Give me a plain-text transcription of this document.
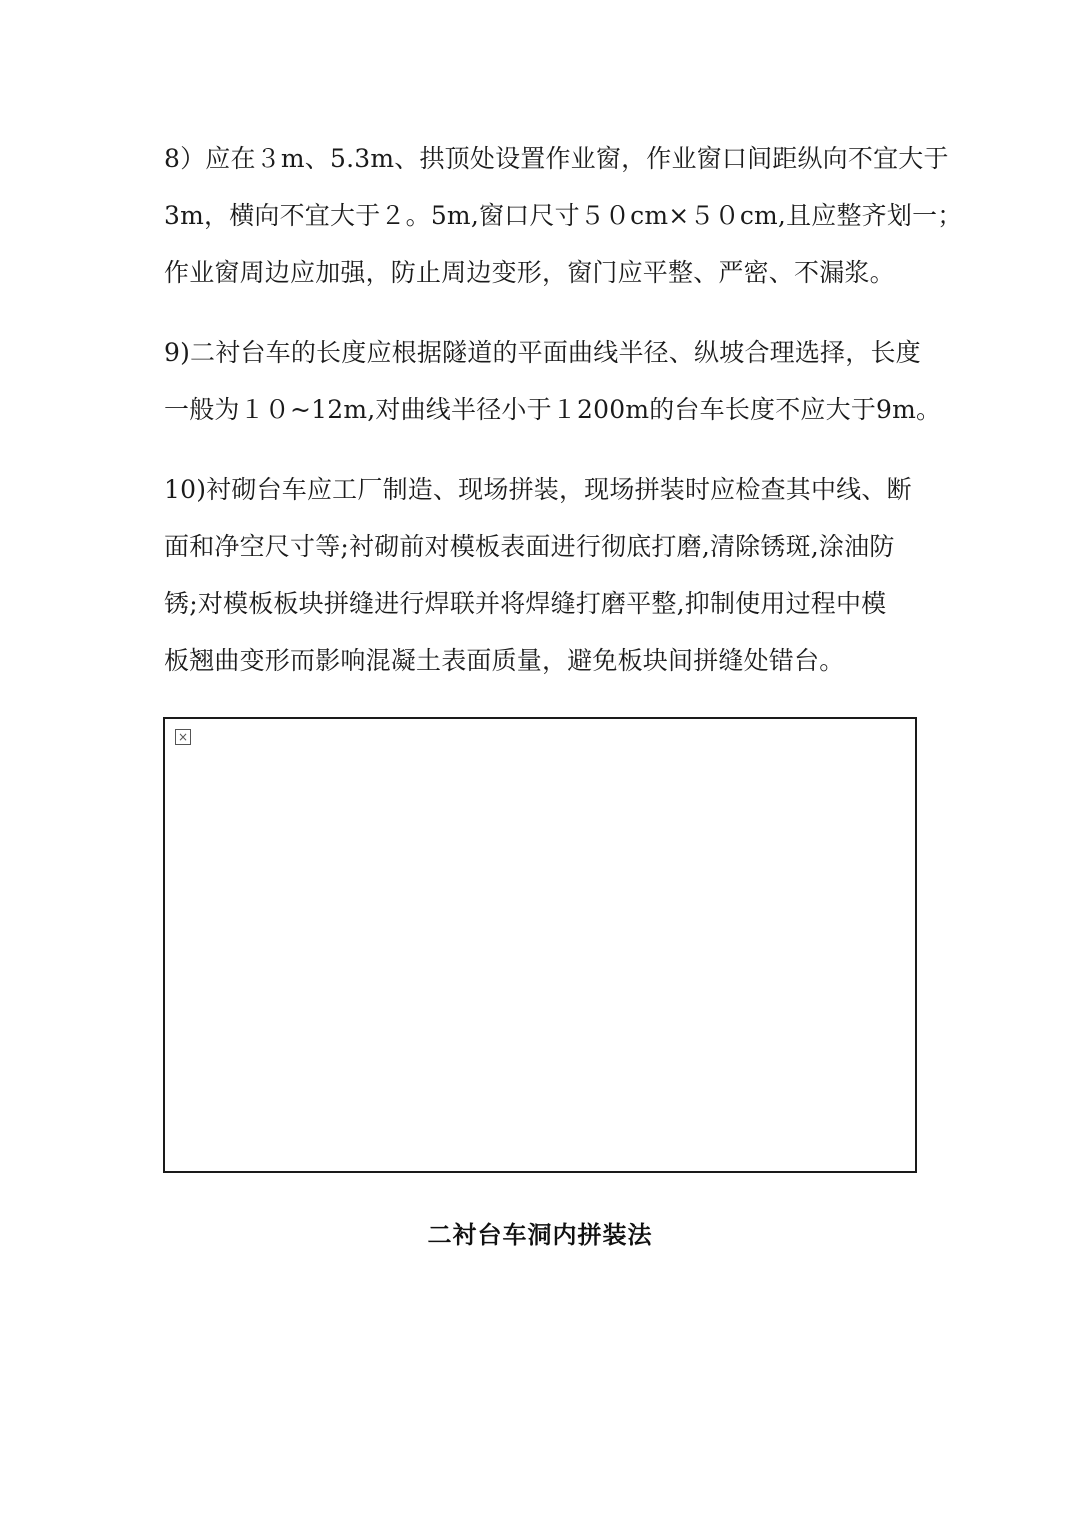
8）应在３m、5.3m、拱顶处设置作业窗，作业窗口间距纵向不宜大于
3m，横向不宜大于２。5m,窗口尺寸５０cm×５０cm,且应整齐划一；
作业窗周边应加强，防止周边变形，窗门应平整、严密、不漏浆。

9)二衬台车的长度应根据隧道的平面曲线半径、纵坡合理选择，长度
一般为１０~12m,对曲线半径小于１200m的台车长度不应大于9m。

10)衬砌台车应工厂制造、现场拼装，现场拼装时应检查其中线、断
面和净空尺寸等;衬砌前对模板表面进行彻底打磨,清除锈斑,涂油防
锈;对模板板块拼缝进行焊联并将焊缝打磨平整,抑制使用过程中模
板翘曲变形而影响混凝土表面质量，避免板块间拼缝处错台。

×
二衬台车洞内拼装法
